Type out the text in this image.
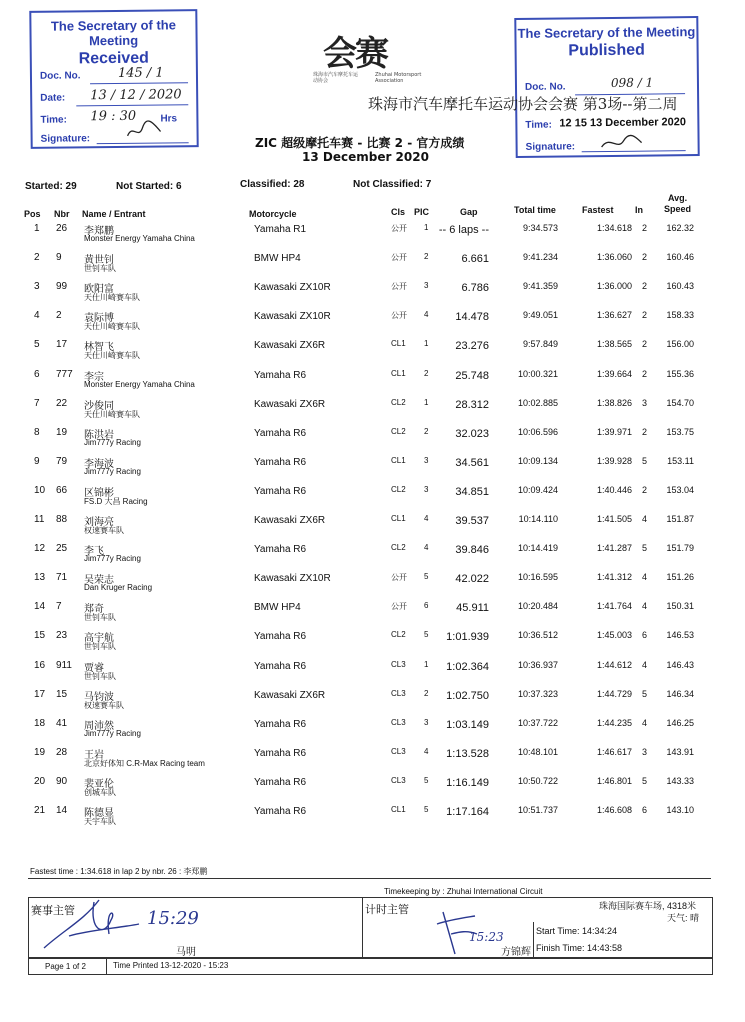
The Secretary of the Meeting
Received
Doc. No.	145 / 1
Date: 13 / 12 / 2020
Time: 19 : 30 Hrs
Signature:
会赛
珠海市汽车摩托车运动协会
Zhuhai Motorsport Association
The Secretary of the Meeting
Published
Doc. No.	098 / 1
Time: 12 15 13 December 2020
Signature:
珠海市汽车摩托车运动协会会赛 第3场--第二周
ZIC 超级摩托车赛 - 比赛 2 - 官方成绩
13 December 2020
Started: 29	Not Started: 6	Classified: 28	Not Classified: 7
Pos Nbr Name / Entrant	Motorcycle	Cls PIC	Gap	Total time	Fastest In
Avg.
Speed
1 26 李郑鹏
Monster Energy Yamaha China
Yamaha R1	公开 1 -- 6 laps --	9:34.573	1:34.618 2 162.32
2 9 黄世钊
世钊车队
BMW HP4	公开 2	6.661	9:41.234	1:36.060 2 160.46
3 99 欧阳富
天仕川崎赛车队
Kawasaki ZX10R	公开 3	6.786	9:41.359	1:36.000 2 160.43
4 2 袁际博
天仕川崎赛车队
Kawasaki ZX10R	公开 4 14.478	9:49.051	1:36.627 2 158.33
5 17 林智飞
天仕川崎赛车队
Kawasaki ZX6R	CL1 1 23.276	9:57.849	1:38.565 2 156.00
6 777 李宗
Monster Energy Yamaha China
Yamaha R6	CL1 2 25.748	10:00.321	1:39.664 2 155.36
7 22 沙俊同
天仕川崎赛车队
Kawasaki ZX6R	CL2 1 28.312	10:02.885	1:38.826 3 154.70
8 19 陈洪岩
Jim777y Racing
Yamaha R6	CL2 2 32.023	10:06.596	1:39.971 2 153.75
9 79 李海波
Jim777y Racing
Yamaha R6	CL1 3 34.561	10:09.134	1:39.928 5 153.11
10 66 区锦彬
FS.D 大昌 Racing
Yamaha R6	CL2 3 34.851	10:09.424	1:40.446 2 153.04
11 88 刘海亮
权速赛车队
Kawasaki ZX6R	CL1 4 39.537	10:14.110	1:41.505 4 151.87
12 25 李飞
Jim777y Racing
Yamaha R6	CL2 4 39.846	10:14.419	1:41.287 5 151.79
13 71 吴荣志
Dan Kruger Racing
Kawasaki ZX10R	公开 5 42.022	10:16.595	1:41.312 4 151.26
14 7 郑奇
世钊车队
BMW HP4	公开 6	45.911	10:20.484	1:41.764 4 150.31
15 23 高宇航
世钊车队
Yamaha R6	CL2 5 1:01.939	10:36.512	1:45.003 6 146.53
16 911 贾睿
世钊车队
Yamaha R6	CL3 1 1:02.364	10:36.937	1:44.612 4 146.43
17 15 马钧波
权速赛车队
Kawasaki ZX6R	CL3 2 1:02.750	10:37.323	1:44.729 5 146.34
18 41 周沛然
Jim777y Racing
Yamaha R6	CL3 3 1:03.149	10:37.722	1:44.235 4 146.25
19 28 王岩
北京好体知 C.R-Max Racing team
Yamaha R6	CL3 4 1:13.528	10:48.101	1:46.617 3 143.91
20 90 裴亚伦
创城车队
Yamaha R6	CL3 5 1:16.149	10:50.722	1:46.801 5 143.33
21 14 陈德显
天宇车队
Yamaha R6	CL1 5 1:17.164	10:51.737	1:46.608 6 143.10
Fastest time : 1:34.618 in lap 2 by nbr. 26 : 李郑鹏
Timekeeping by : Zhuhai International Circuit
赛事主管	计时主管	珠海国际赛车场, 4318米
天气: 晴
Start Time: 14:34:24
Finish Time: 14:43:58
15:29
马明
15:23
方锦辉
Page 1 of 2	Time Printed 13-12-2020 - 15:23
